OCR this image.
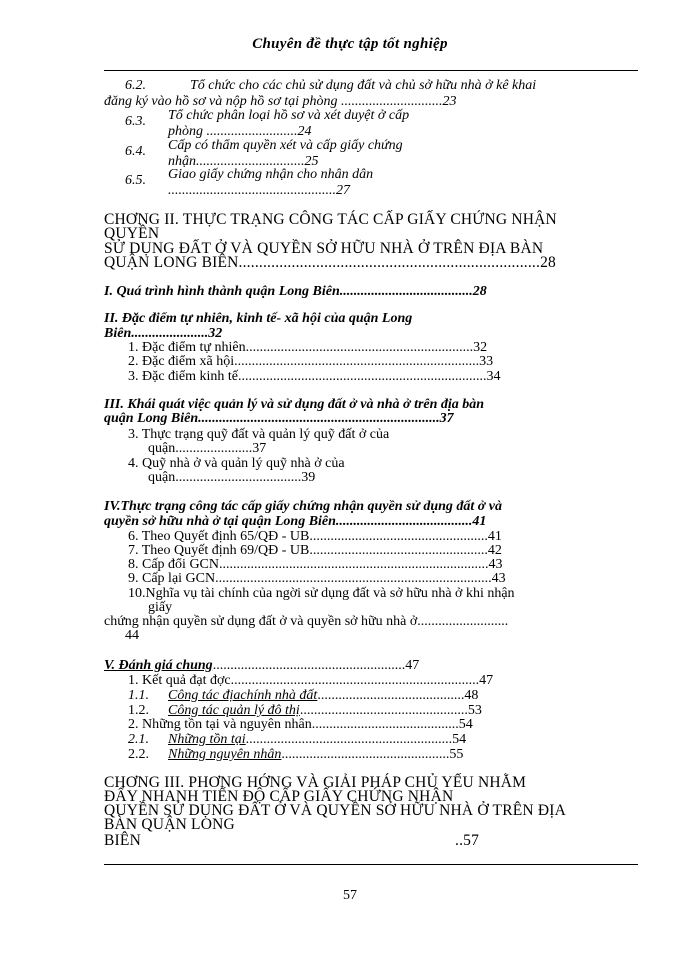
Chuyên đề thực tập tốt nghiệp
6.2.	Tổ chức cho các chủ sử dụng đất và chủ sở hữu nhà ở kê khai
đăng ký vào hồ sơ và nộp hồ sơ tại phòng .............................23
6.3. Tổ chức phân loại hồ sơ và xét duyệt ở cấp
phòng ..........................24
6.4. Cấp có thẩm quyền xét và cấp giấy chứng
nhận...............................25
6.5. Giao giấy chứng nhận cho nhân dân
................................................27
CHƠNG II. THỰC TRẠNG CÔNG TÁC CẤP GIẤY CHỨNG NHẬN
QUYỀN
SỬ DỤNG ĐẤT Ở VÀ QUYỀN SỞ HỮU NHÀ Ở TRÊN ĐỊA BÀN
QUẬN LONG BIÊN..........................................................................28
I. Quá trình hình thành quận Long Biên......................................28
II. Đặc điểm tự nhiên, kinh tế- xã hội của quận Long
Biên......................32
1. Đặc điểm tự nhiên.................................................................32
2. Đặc điểm xã hội......................................................................33
3. Đặc điểm kinh tế.......................................................................34
III. Khái quát việc quản lý và sử dụng đất ở và nhà ở trên địa bàn
quận Long Biên.....................................................................37
3. Thực trạng quỹ đất và quản lý quỹ đất ở của
quận......................37
4. Quỹ nhà ở và quản lý quỹ nhà ở của
quận....................................39
IV.Thực trạng công tác cấp giấy chứng nhận quyền sử dụng đất ở và
quyền sở hữu nhà ở tại quận Long Biên.......................................41
6. Theo Quyết định 65/QĐ - UB...................................................41
7. Theo Quyết định 69/QĐ - UB...................................................42
8. Cấp đổi GCN.............................................................................43
9. Cấp lại GCN...............................................................................43
10.Nghĩa vụ tài chính của ngời sử dụng đất và sở hữu nhà ở khi nhận
giấy
chứng nhận quyền sử dụng đất ở và quyền sở hữu nhà ở..........................
44
V. Đánh giá chung.......................................................47
1. Kết quả đạt đợc.......................................................................47
1.1. Công tác địachính nhà đất..........................................48
1.2. Công tác quản lý đô thị................................................53
2. Những tồn tại và nguyên nhân..........................................54
2.1. Những tồn tại...........................................................54
2.2. Những nguyên nhân................................................55
CHƠNG III. PHƠNG HỚNG VÀ GIẢI PHÁP CHỦ YẾU NHẰM
ĐẨY NHANH TIẾN ĐỘ CẤP GIẤY CHỨNG NHẬN
QUYỀN SỬ DỤNG ĐẤT Ở VÀ QUYỀN SỞ HỮU NHÀ Ở TRÊN ĐỊA
BÀN QUẬN LONG
BIÊN	..57
57
